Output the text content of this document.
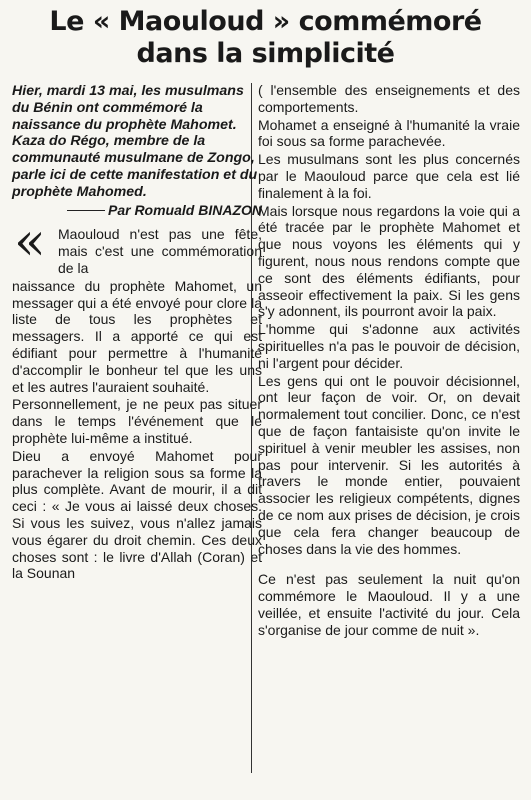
Le « Maouloud » commémoré
dans la simplicité

Hier, mardi 13 mai, les musulmans du Bénin ont commémoré la naissance du prophète Mahomet. Kaza do Régo, membre de la communauté musulmane de Zongo, parle ici de cette manifestation et du prophète Mahomed.

Par Romuald BINAZON

« Maouloud n'est pas une fête, mais c'est une commémoration de la

naissance du prophète Mahomet, un messager qui a été envoyé pour clore la liste de tous les prophètes et messagers. Il a apporté ce qui est édifiant pour permettre à l'humanité d'accomplir le bonheur tel que les uns et les autres l'auraient souhaité.

Personnellement, je ne peux pas situer dans le temps l'événement que le prophète lui-même a institué.

Dieu a envoyé Mahomet pour parachever la religion sous sa forme la plus complète. Avant de mourir, il a dit ceci : « Je vous ai laissé deux choses. Si vous les suivez, vous n'allez jamais vous égarer du droit chemin. Ces deux choses sont : le livre d'Allah (Coran) et la Sounan

( l'ensemble des enseignements et des comportements.

Mohamet a enseigné à l'humanité la vraie foi sous sa forme parachevée.

Les musulmans sont les plus concernés par le Maouloud parce que cela est lié finalement à la foi.

Mais lorsque nous regardons la voie qui a été tracée par le prophète Mahomet et que nous voyons les éléments qui y figurent, nous nous rendons compte que ce sont des éléments édifiants, pour asseoir effectivement la paix. Si les gens s'y adonnent, ils pourront avoir la paix.

L'homme qui s'adonne aux activités spirituelles n'a pas le pouvoir de décision, ni l'argent pour décider.

Les gens qui ont le pouvoir décisionnel, ont leur façon de voir. Or, on devait normalement tout concilier. Donc, ce n'est que de façon fantaisiste qu'on invite le spirituel à venir meubler les assises, non pas pour intervenir. Si les autorités à travers le monde entier, pouvaient associer les religieux compétents, dignes de ce nom aux prises de décision, je crois que cela fera changer beaucoup de choses dans la vie des hommes.

Ce n'est pas seulement la nuit qu'on commémore le Maouloud. Il y a une veillée, et ensuite l'activité du jour. Cela s'organise de jour comme de nuit ».
